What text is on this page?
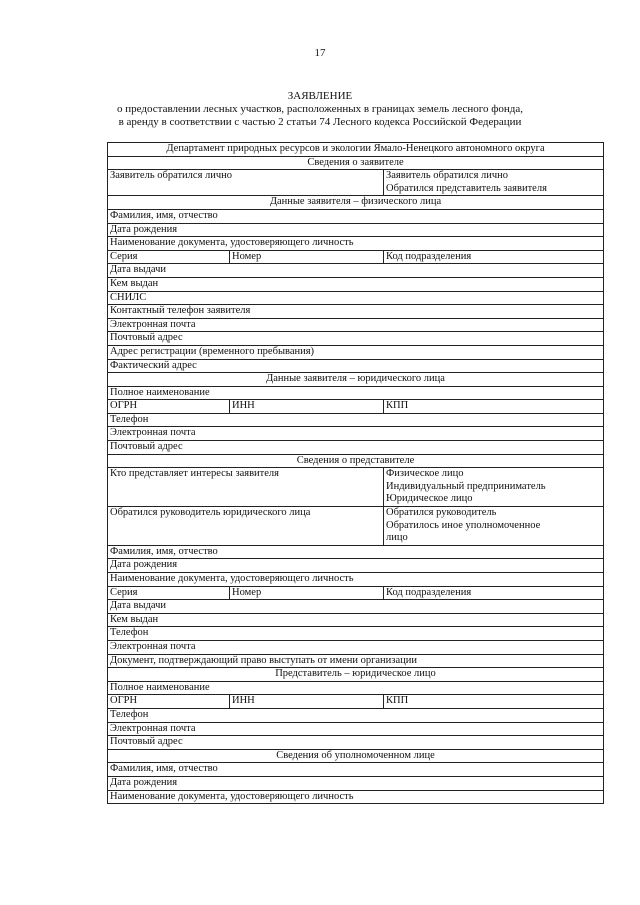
17
ЗАЯВЛЕНИЕ
о предоставлении лесных участков, расположенных в границах земель лесного фонда,
в аренду в соответствии с частью 2 статьи 74 Лесного кодекса Российской Федерации
Департамент природных ресурсов и экологии Ямало-Ненецкого автономного округа		
Сведения о заявителе		
Заявитель обратился лично		Заявитель обратился лично
Обратился представитель заявителя

Данные заявителя – физического лица		
Фамилия, имя, отчество		
Дата рождения		
Наименование документа, удостоверяющего личность		
Серия	Номер	Код подразделения
Дата выдачи		
Кем выдан		
СНИЛС		
Контактный телефон заявителя		
Электронная почта		
Почтовый адрес		
Адрес регистрации (временного пребывания)		
Фактический адрес		
Данные заявителя – юридического лица		
Полное наименование		
ОГРН	ИНН	КПП
Телефон		
Электронная почта		
Почтовый адрес		
Сведения о представителе		
Кто представляет интересы заявителя		Физическое лицо
Индивидуальный предприниматель
Юридическое лицо

Обратился руководитель юридического лица		Обратился руководитель
Обратилось иное уполномоченное
лицо

Фамилия, имя, отчество		
Дата рождения		
Наименование документа, удостоверяющего личность		
Серия	Номер	Код подразделения
Дата выдачи		
Кем выдан		
Телефон		
Электронная почта		
Документ, подтверждающий право выступать от имени организации		
Представитель – юридическое лицо		
Полное наименование		
ОГРН	ИНН	КПП
Телефон		
Электронная почта		
Почтовый адрес		
Сведения об уполномоченном лице		
Фамилия, имя, отчество		
Дата рождения		
Наименование документа, удостоверяющего личность		
